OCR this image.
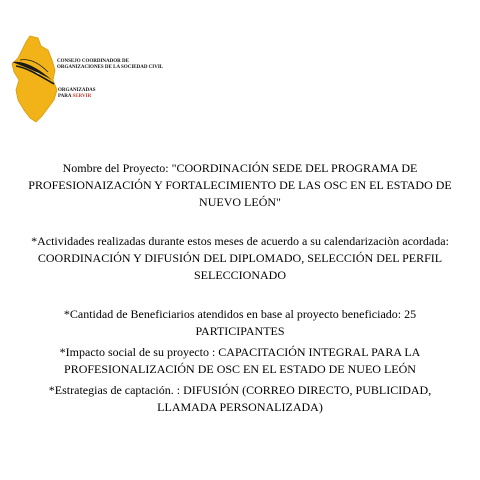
CONSEJO COORDINADOR DE
ORGANIZACIONES DE LA SOCIEDAD CIVIL
ORGANIZADAS
PARA SERVIR

Nombre del Proyecto: "COORDINACIÓN SEDE DEL PROGRAMA DE PROFESIONAIZACIÓN Y FORTALECIMIENTO DE LAS OSC EN EL ESTADO DE NUEVO LEÓN"

*Actividades realizadas durante estos meses de acuerdo a su calendarizaciòn acordada: COORDINACIÓN Y DIFUSIÓN DEL DIPLOMADO, SELECCIÓN DEL PERFIL SELECCIONADO

*Cantidad de Beneficiarios atendidos en base al proyecto beneficiado: 25 PARTICIPANTES

*Impacto social de su proyecto : CAPACITACIÓN INTEGRAL PARA LA PROFESIONALIZACIÓN DE OSC EN EL ESTADO DE NUEO LEÓN

*Estrategias de captación. : DIFUSIÓN (CORREO DIRECTO, PUBLICIDAD, LLAMADA PERSONALIZADA)
